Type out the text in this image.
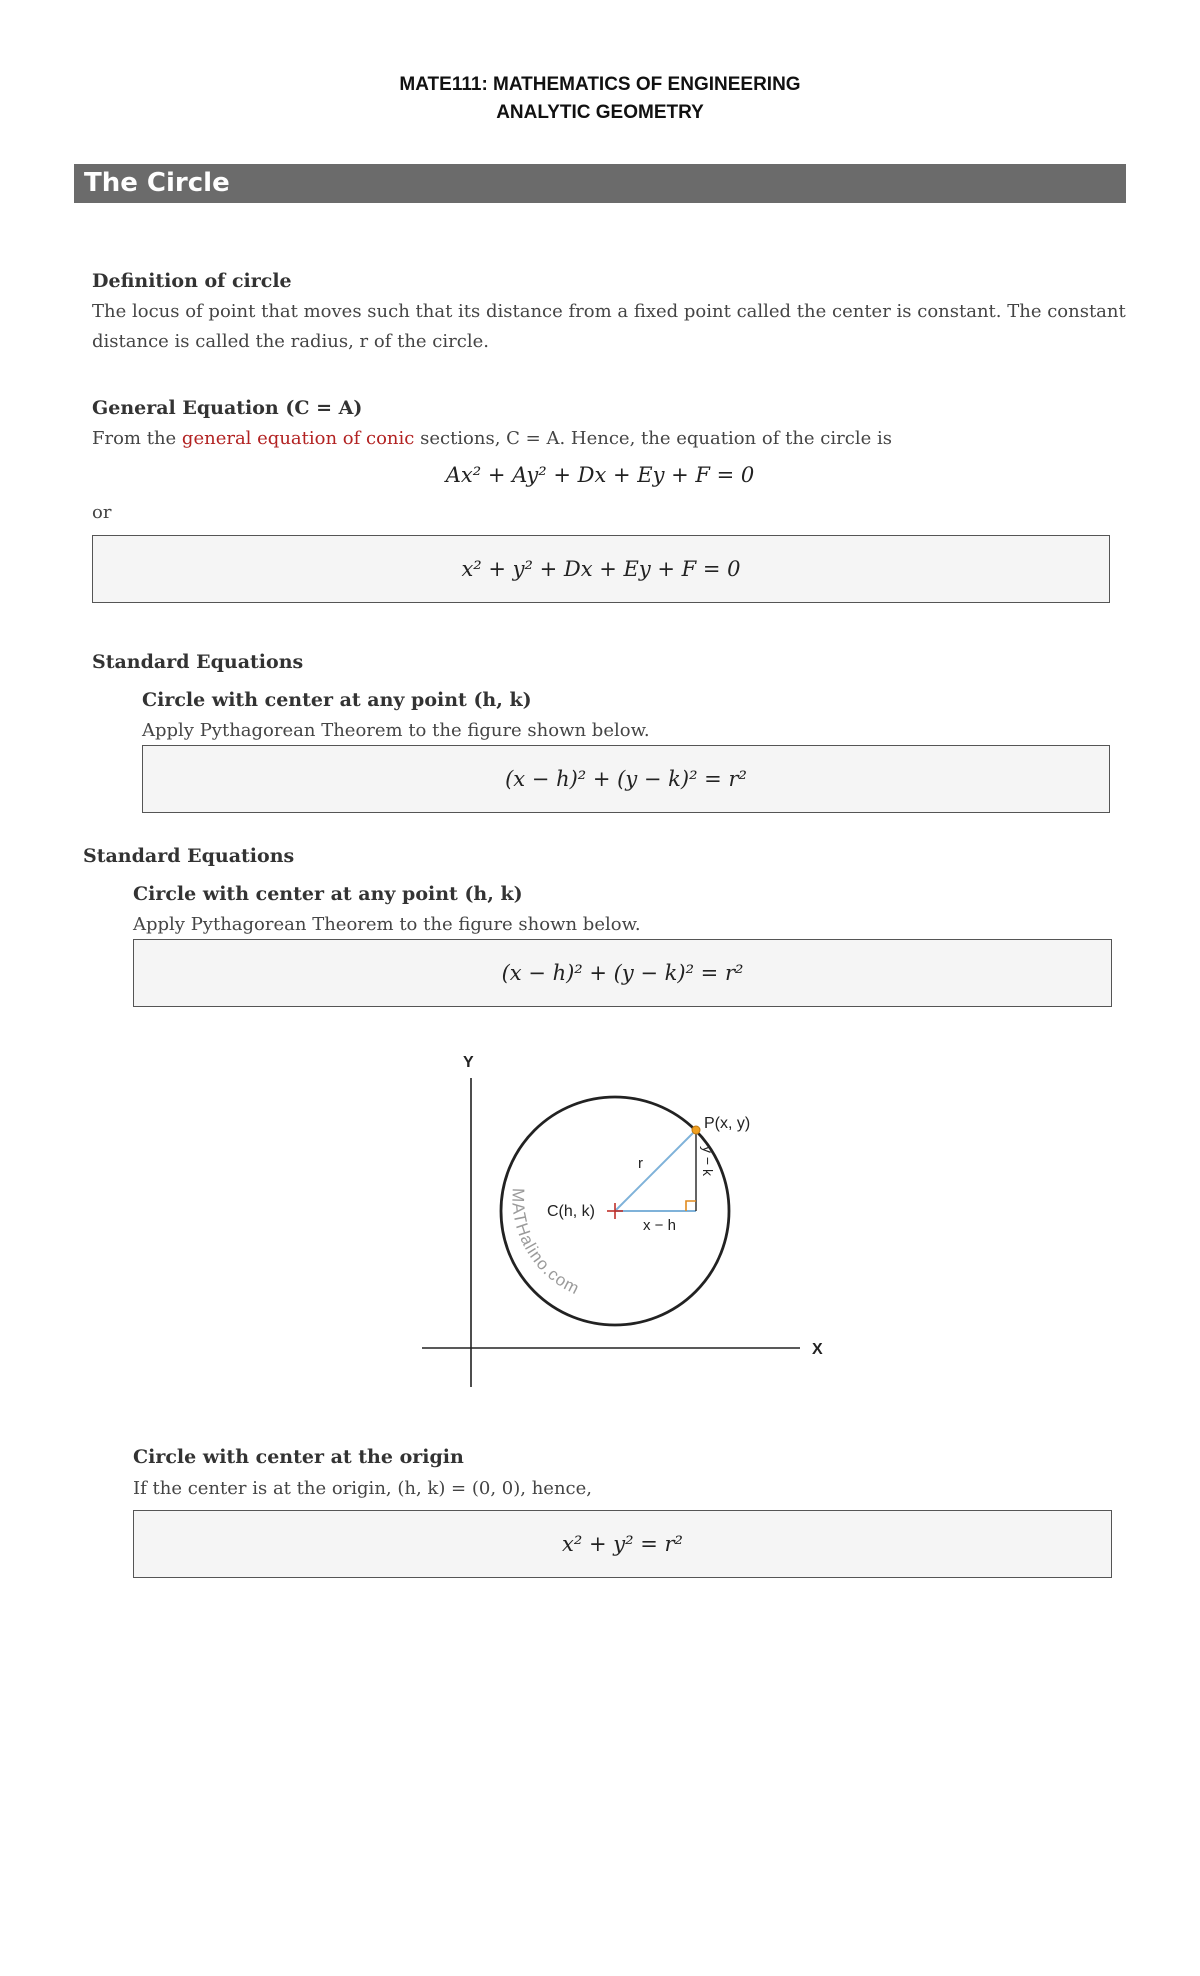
MATE111: MATHEMATICS OF ENGINEERING
ANALYTIC GEOMETRY
The Circle
Definition of circle
The locus of point that moves such that its distance from a fixed point called the center is constant. The constant
distance is called the radius, r of the circle.
General Equation (C = A)
From the general equation of conic sections, C = A. Hence, the equation of the circle is
Ax² + Ay² + Dx + Ey + F = 0
or
x² + y² + Dx + Ey + F = 0
Standard Equations
Circle with center at any point (h, k)
Apply Pythagorean Theorem to the figure shown below.
(x − h)² + (y − k)² = r²
Standard Equations
Circle with center at any point (h, k)
Apply Pythagorean Theorem to the figure shown below.
(x − h)² + (y − k)² = r²
Y
X
P(x, y)
C(h, k)
r
x − h
y − k
MATHalino.com
Circle with center at the origin
If the center is at the origin, (h, k) = (0, 0), hence,
x² + y² = r²
